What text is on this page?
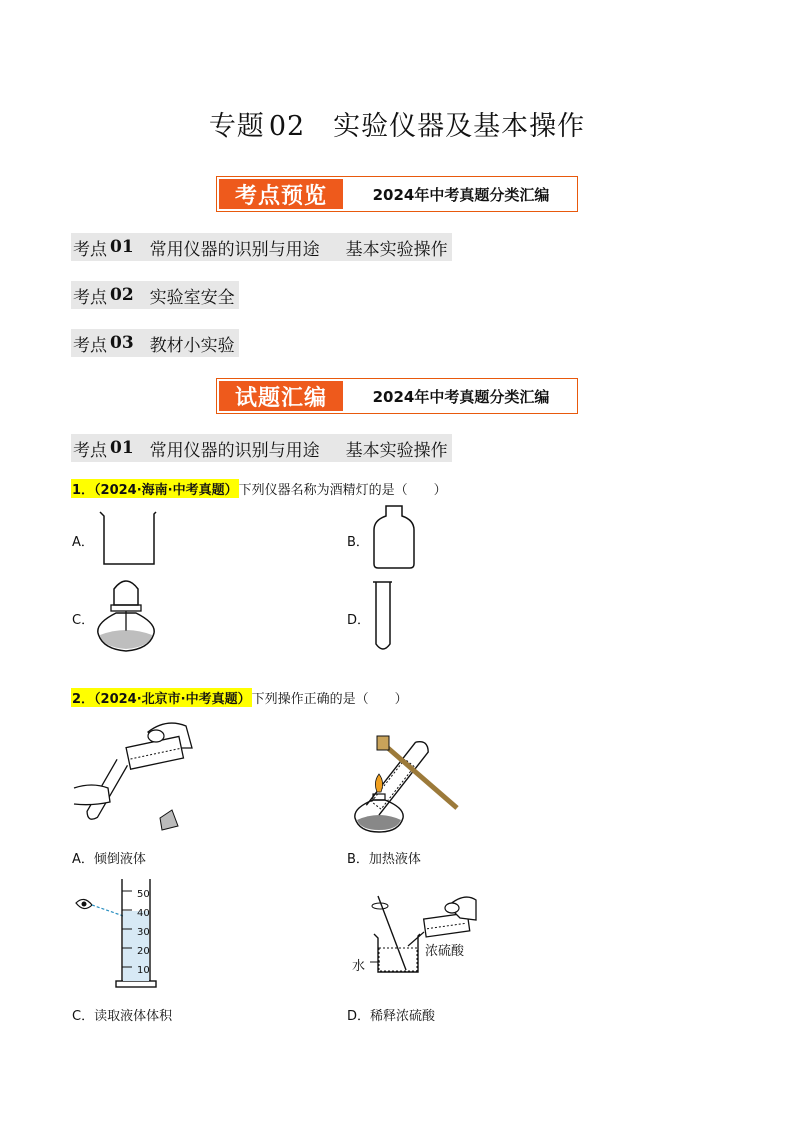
专题 02 实验仪器及基本操作
考点预览	2024年中考真题分类汇编
考点 01 常用仪器的识别与用途 基本实验操作
考点 02 实验室安全
考点 03 教材小实验
试题汇编	2024年中考真题分类汇编
考点 01 常用仪器的识别与用途 基本实验操作
1．（2024·海南·中考真题） 下列仪器名称为酒精灯的是（　　）
A．	B．
C．	D．
2．（2024·北京市·中考真题） 下列操作正确的是（　　）
A．倾倒液体	B．加热液体
50
40
30
20
10
C．读取液体体积
浓硫酸
水
D．稀释浓硫酸
